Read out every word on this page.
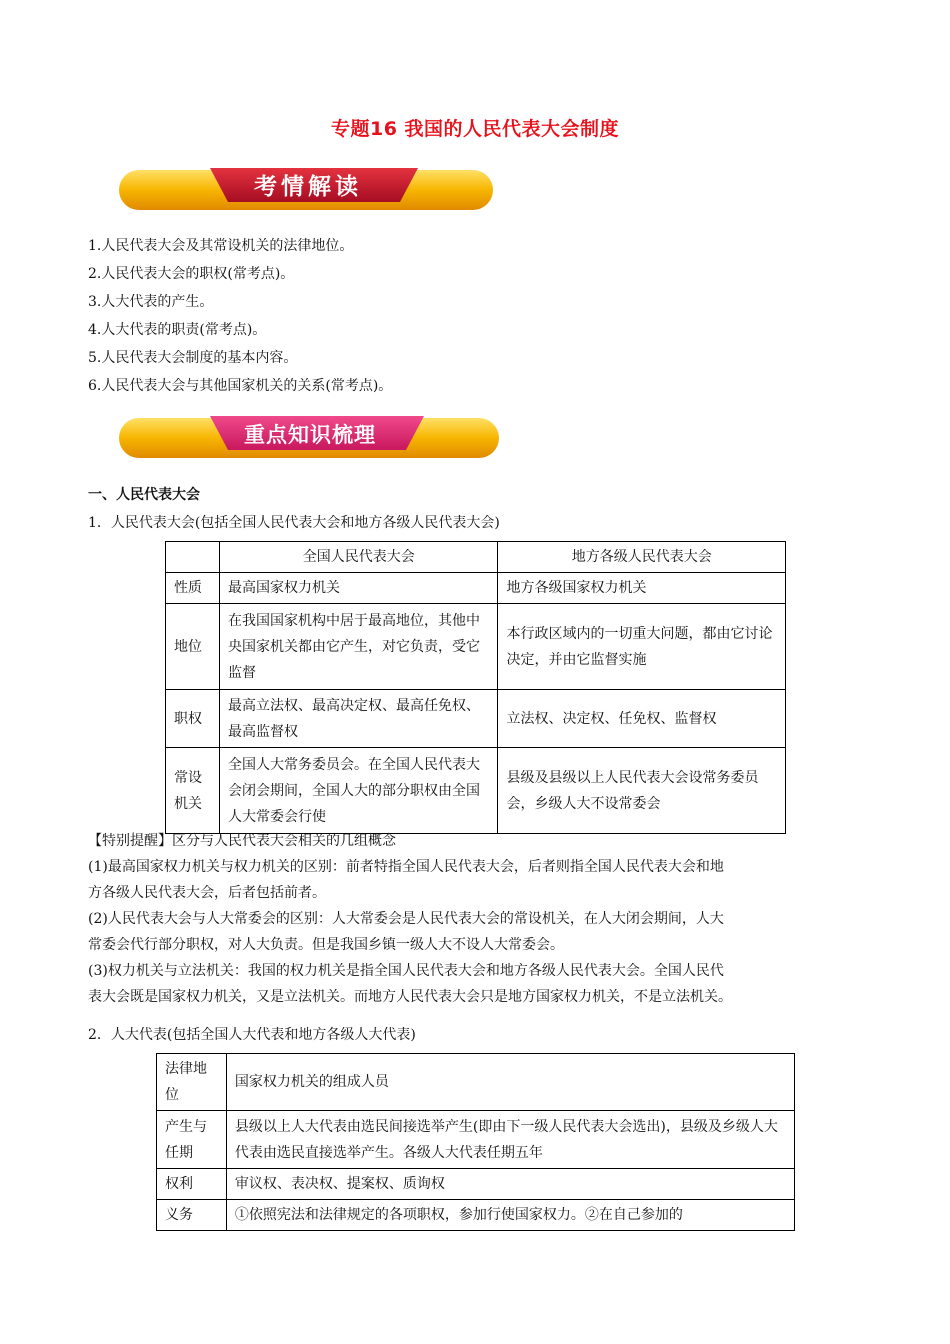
专题16 我国的人民代表大会制度
考情解读
1.人民代表大会及其常设机关的法律地位。
2.人民代表大会的职权(常考点)。
3.人大代表的产生。
4.人大代表的职责(常考点)。
5.人民代表大会制度的基本内容。
6.人民代表大会与其他国家机关的关系(常考点)。
重点知识梳理
一、人民代表大会
1．人民代表大会(包括全国人民代表大会和地方各级人民代表大会)
	全国人民代表大会	地方各级人民代表大会
性质	最高国家权力机关	地方各级国家权力机关
地位	在我国国家机构中居于最高地位，其他中央国家机关都由它产生，对它负责，受它监督	本行政区域内的一切重大问题，都由它讨论决定，并由它监督实施
职权	最高立法权、最高决定权、最高任免权、最高监督权	立法权、决定权、任免权、监督权
常设机关	全国人大常务委员会。在全国人民代表大会闭会期间，全国人大的部分职权由全国人大常委会行使	县级及县级以上人民代表大会设常务委员会，乡级人大不设常委会
【特别提醒】区分与人民代表大会相关的几组概念
(1)最高国家权力机关与权力机关的区别：前者特指全国人民代表大会，后者则指全国人民代表大会和地
方各级人民代表大会，后者包括前者。
(2)人民代表大会与人大常委会的区别：人大常委会是人民代表大会的常设机关，在人大闭会期间，人大
常委会代行部分职权，对人大负责。但是我国乡镇一级人大不设人大常委会。
(3)权力机关与立法机关：我国的权力机关是指全国人民代表大会和地方各级人民代表大会。全国人民代
表大会既是国家权力机关，又是立法机关。而地方人民代表大会只是地方国家权力机关，不是立法机关。
2．人大代表(包括全国人大代表和地方各级人大代表)
法律地位	国家权力机关的组成人员
产生与任期	县级以上人大代表由选民间接选举产生(即由下一级人民代表大会选出)，县级及乡级人大代表由选民直接选举产生。各级人大代表任期五年
权利	审议权、表决权、提案权、质询权
义务	①依照宪法和法律规定的各项职权，参加行使国家权力。②在自己参加的
